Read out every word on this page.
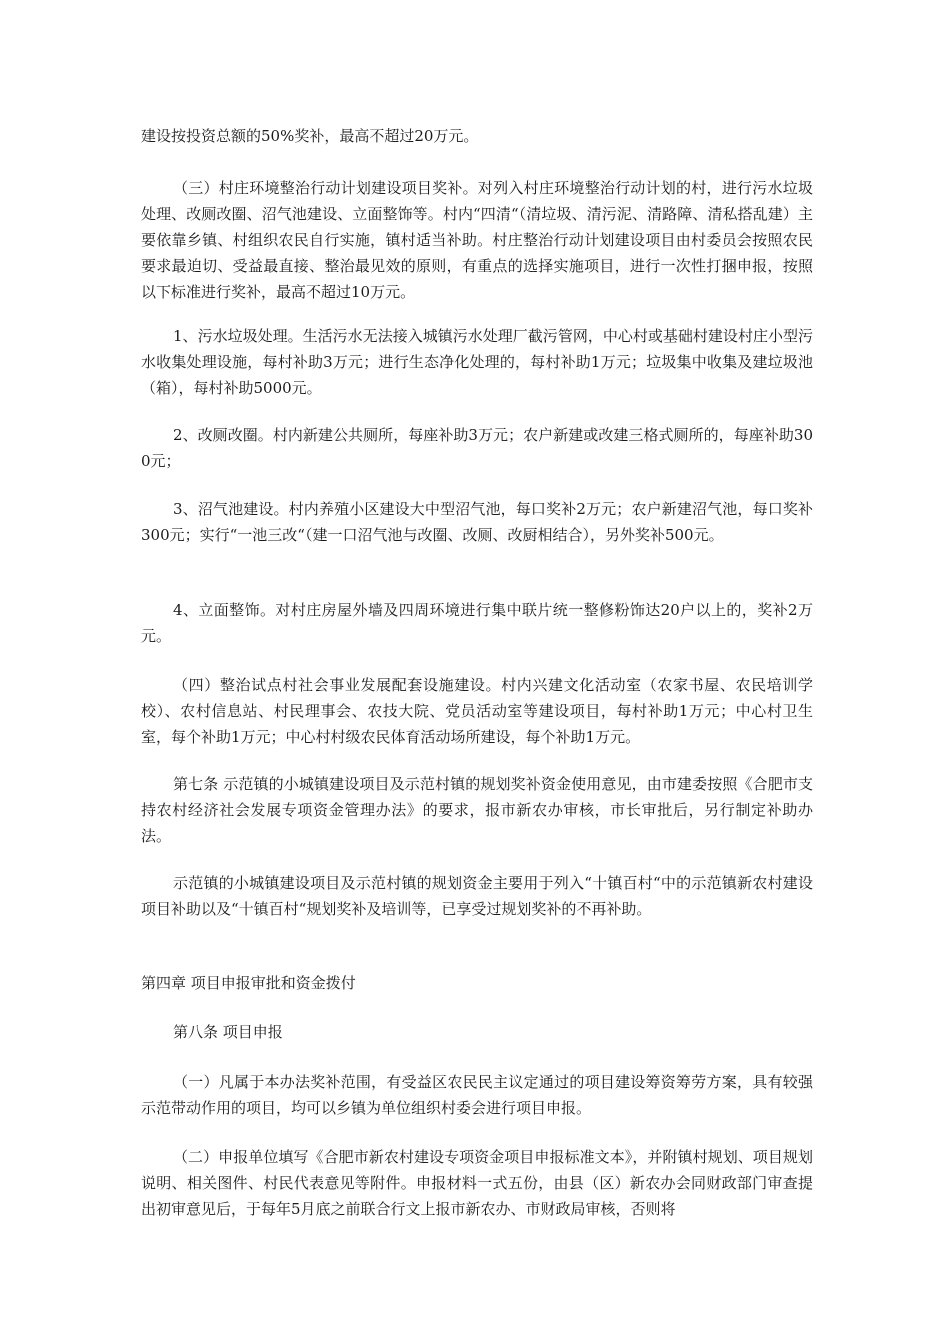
建设按投资总额的50%奖补，最高不超过20万元。

（三）村庄环境整治行动计划建设项目奖补。对列入村庄环境整治行动计划的村，进行污水垃圾处理、改厕改圈、沼气池建设、立面整饰等。村内“四清“（清垃圾、清污泥、清路障、清私搭乱建）主要依靠乡镇、村组织农民自行实施，镇村适当补助。村庄整治行动计划建设项目由村委员会按照农民要求最迫切、受益最直接、整治最见效的原则，有重点的选择实施项目，进行一次性打捆申报，按照以下标准进行奖补，最高不超过10万元。

1、污水垃圾处理。生活污水无法接入城镇污水处理厂截污管网，中心村或基础村建设村庄小型污水收集处理设施，每村补助3万元；进行生态净化处理的，每村补助1万元；垃圾集中收集及建垃圾池（箱），每村补助5000元。

2、改厕改圈。村内新建公共厕所，每座补助3万元；农户新建或改建三格式厕所的，每座补助300元；

3、沼气池建设。村内养殖小区建设大中型沼气池，每口奖补2万元；农户新建沼气池，每口奖补300元；实行“一池三改“（建一口沼气池与改圈、改厕、改厨相结合），另外奖补500元。

4、立面整饰。对村庄房屋外墙及四周环境进行集中联片统一整修粉饰达20户以上的，奖补2万元。

（四）整治试点村社会事业发展配套设施建设。村内兴建文化活动室（农家书屋、农民培训学校）、农村信息站、村民理事会、农技大院、党员活动室等建设项目，每村补助1万元；中心村卫生室，每个补助1万元；中心村村级农民体育活动场所建设，每个补助1万元。

第七条 示范镇的小城镇建设项目及示范村镇的规划奖补资金使用意见，由市建委按照《合肥市支持农村经济社会发展专项资金管理办法》的要求，报市新农办审核，市长审批后，另行制定补助办法。

示范镇的小城镇建设项目及示范村镇的规划资金主要用于列入“十镇百村“中的示范镇新农村建设项目补助以及“十镇百村“规划奖补及培训等，已享受过规划奖补的不再补助。

第四章 项目申报审批和资金拨付

第八条 项目申报

（一）凡属于本办法奖补范围，有受益区农民民主议定通过的项目建设筹资筹劳方案，具有较强示范带动作用的项目，均可以乡镇为单位组织村委会进行项目申报。

（二）申报单位填写《合肥市新农村建设专项资金项目申报标准文本》，并附镇村规划、项目规划说明、相关图件、村民代表意见等附件。申报材料一式五份，由县（区）新农办会同财政部门审查提出初审意见后，于每年5月底之前联合行文上报市新农办、市财政局审核，否则将
